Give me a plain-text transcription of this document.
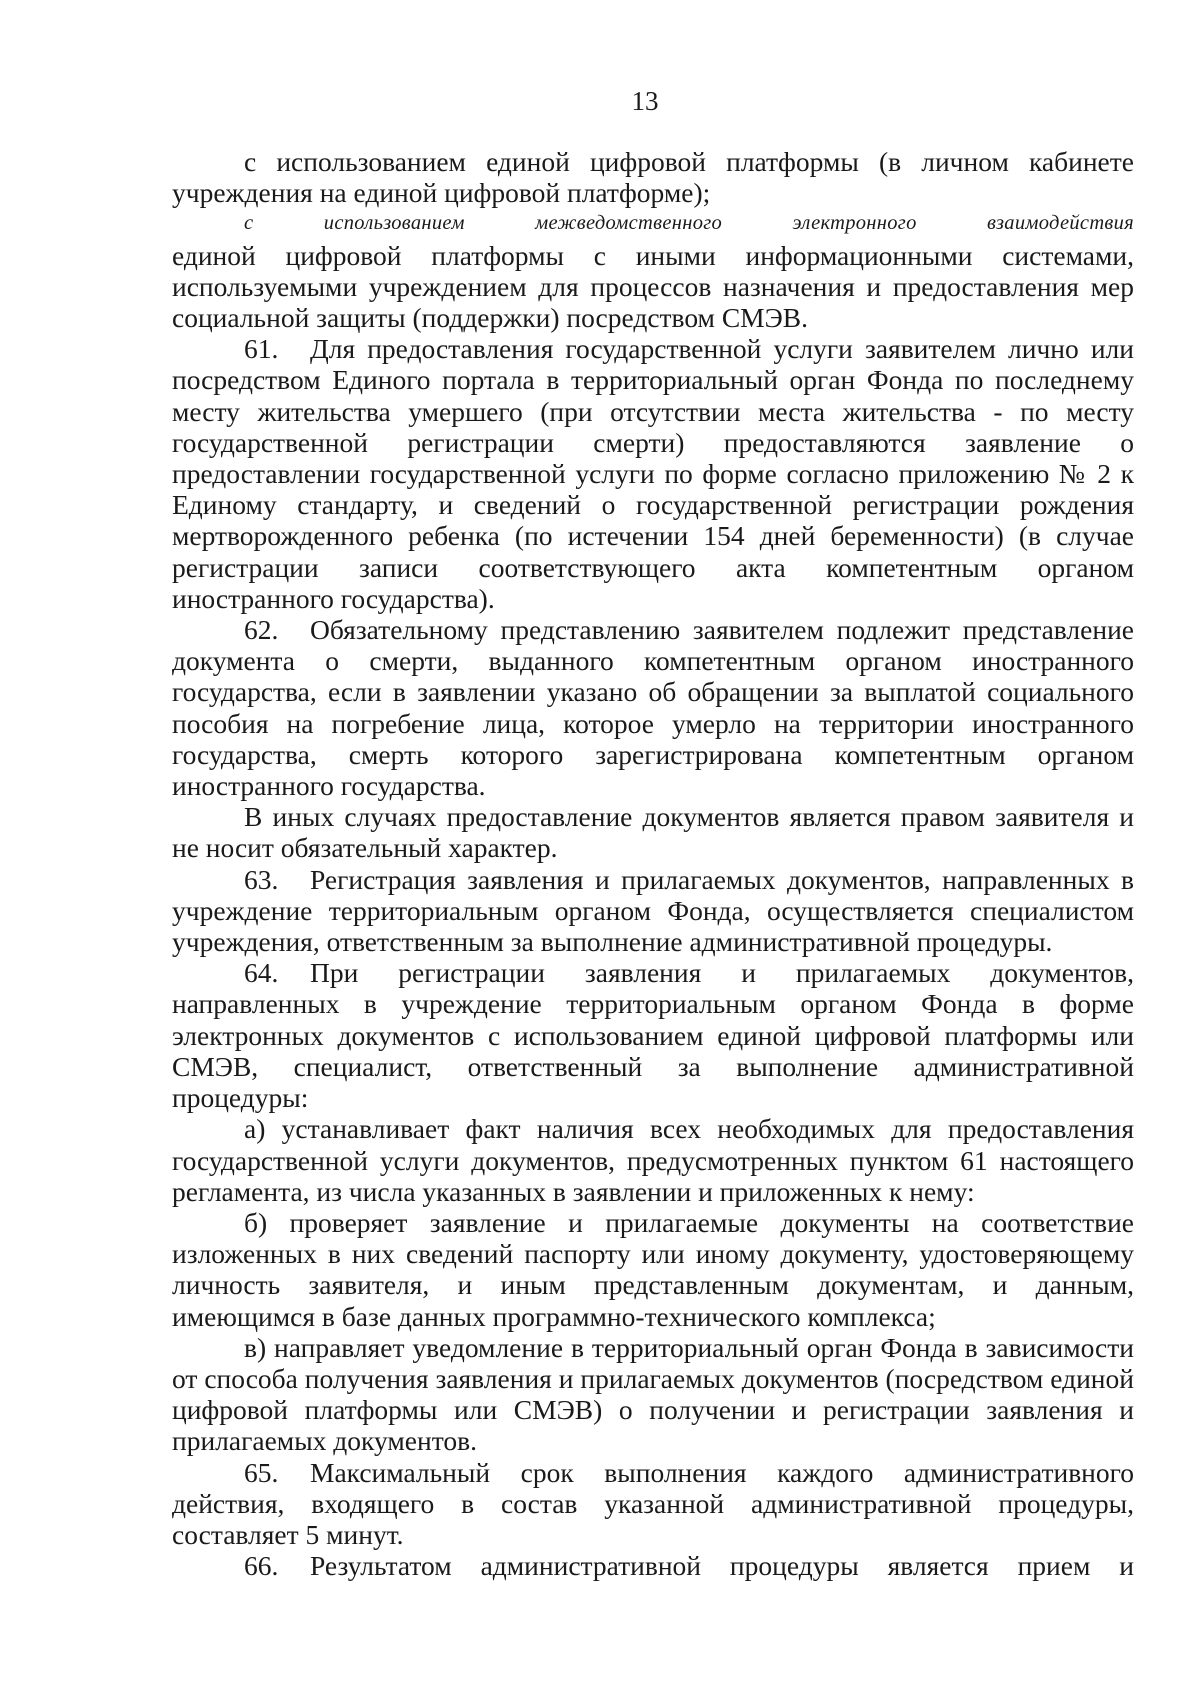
13

с использованием единой цифровой платформы (в личном кабинете учреждения на единой цифровой платформе);

с использованием межведомственного электронного взаимодействия

единой цифровой платформы с иными информационными системами, используемыми учреждением для процессов назначения и предоставления мер социальной защиты (поддержки) посредством СМЭВ.

61. Для предоставления государственной услуги заявителем лично или посредством Единого портала в территориальный орган Фонда по последнему месту жительства умершего (при отсутствии места жительства - по месту государственной регистрации смерти) предоставляются заявление о предоставлении государственной услуги по форме согласно приложению № 2 к Единому стандарту, и сведений о государственной регистрации рождения мертворожденного ребенка (по истечении 154 дней беременности) (в случае регистрации записи соответствующего акта компетентным органом иностранного государства).

62. Обязательному представлению заявителем подлежит представление документа о смерти, выданного компетентным органом иностранного государства, если в заявлении указано об обращении за выплатой социального пособия на погребение лица, которое умерло на территории иностранного государства, смерть которого зарегистрирована компетентным органом иностранного государства.

В иных случаях предоставление документов является правом заявителя и не носит обязательный характер.

63. Регистрация заявления и прилагаемых документов, направленных в учреждение территориальным органом Фонда, осуществляется специалистом учреждения, ответственным за выполнение административной процедуры.

64. При регистрации заявления и прилагаемых документов, направленных в учреждение территориальным органом Фонда в форме электронных документов с использованием единой цифровой платформы или СМЭВ, специалист, ответственный за выполнение административной процедуры:

а) устанавливает факт наличия всех необходимых для предоставления государственной услуги документов, предусмотренных пунктом 61 настоящего регламента, из числа указанных в заявлении и приложенных к нему:

б) проверяет заявление и прилагаемые документы на соответствие изложенных в них сведений паспорту или иному документу, удостоверяющему личность заявителя, и иным представленным документам, и данным, имеющимся в базе данных программно-технического комплекса;

в) направляет уведомление в территориальный орган Фонда в зависимости от способа получения заявления и прилагаемых документов (посредством единой цифровой платформы или СМЭВ) о получении и регистрации заявления и прилагаемых документов.

65. Максимальный срок выполнения каждого административного действия, входящего в состав указанной административной процедуры, составляет 5 минут.

66. Результатом административной процедуры является прием и
